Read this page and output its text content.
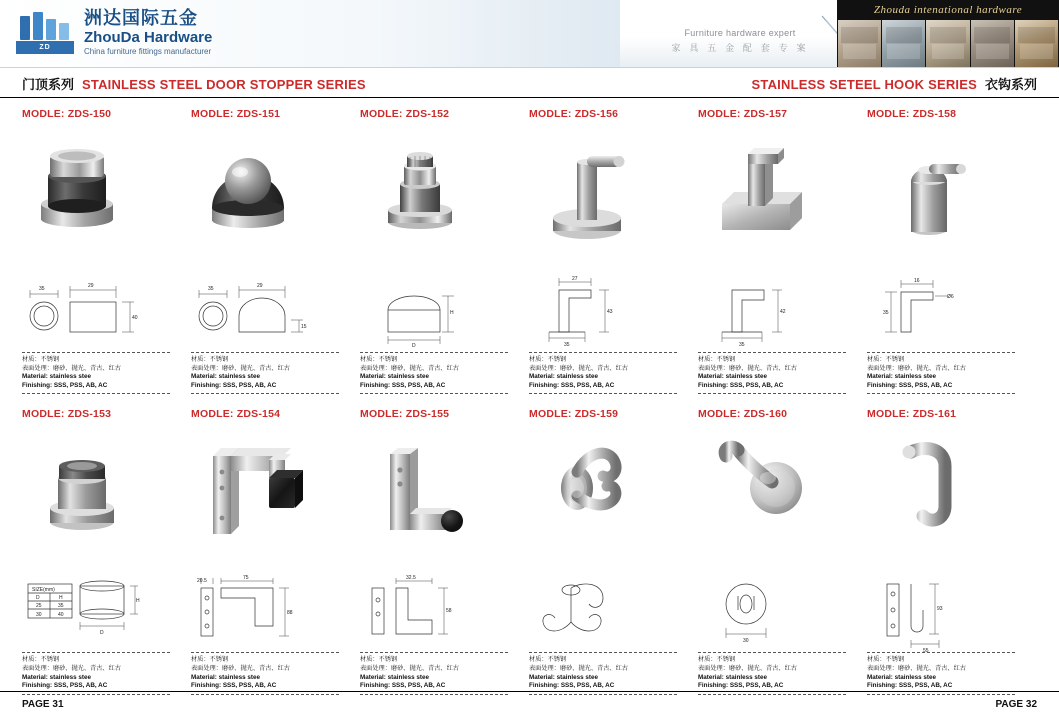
ZD HARDWARE
洲达国际五金
ZhouDa Hardware
China furniture fittings manufacturer
Furniture hardware expert
家 具 五 金 配 套 专 案
Zhouda intenational hardware
门顶系列 STAINLESS STEEL DOOR STOPPER SERIES	STAINLESS SETEEL HOOK SERIES 衣钩系列
MODLE: ZDS-150
29
35
40
材质：不锈钢
表面处理：磨砂、抛光、青古、红古
Material: stainless stee
Finishing: SSS, PSS, AB, AC
MODLE: ZDS-151
29
35
15
材质：不锈钢
表面处理：磨砂、抛光、青古、红古
Material: stainless stee
Finishing: SSS, PSS, AB, AC
MODLE: ZDS-152
H
D
材质：不锈钢
表面处理：磨砂、抛光、青古、红古
Material: stainless stee
Finishing: SSS, PSS, AB, AC
MODLE: ZDS-156
27
43
35
材质：不锈钢
表面处理：磨砂、抛光、青古、红古
Material: stainless stee
Finishing: SSS, PSS, AB, AC
MODLE: ZDS-157
42
35
材质：不锈钢
表面处理：磨砂、抛光、青古、红古
Material: stainless stee
Finishing: SSS, PSS, AB, AC
MODLE: ZDS-158
16
Ø6
35
材质：不锈钢
表面处理：磨砂、抛光、青古、红古
Material: stainless stee
Finishing: SSS, PSS, AB, AC
MODLE: ZDS-153
H
D
SIZE(mm)
D	H
25	35
30	40
材质：不锈钢
表面处理：磨砂、抛光、青古、红古
Material: stainless stee
Finishing: SSS, PSS, AB, AC
MODLE: ZDS-154
20.5	75
88
材质：不锈钢
表面处理：磨砂、抛光、青古、红古
Material: stainless stee
Finishing: SSS, PSS, AB, AC
MODLE: ZDS-155
32.5
58
材质：不锈钢
表面处理：磨砂、抛光、青古、红古
Material: stainless stee
Finishing: SSS, PSS, AB, AC
MODLE: ZDS-159
材质：不锈钢
表面处理：磨砂、抛光、青古、红古
Material: stainless stee
Finishing: SSS, PSS, AB, AC
MODLE: ZDS-160
30
材质：不锈钢
表面处理：磨砂、抛光、青古、红古
Material: stainless stee
Finishing: SSS, PSS, AB, AC
MODLE: ZDS-161
93
55
材质：不锈钢
表面处理：磨砂、抛光、青古、红古
Material: stainless stee
Finishing: SSS, PSS, AB, AC
PAGE 31	PAGE 32
